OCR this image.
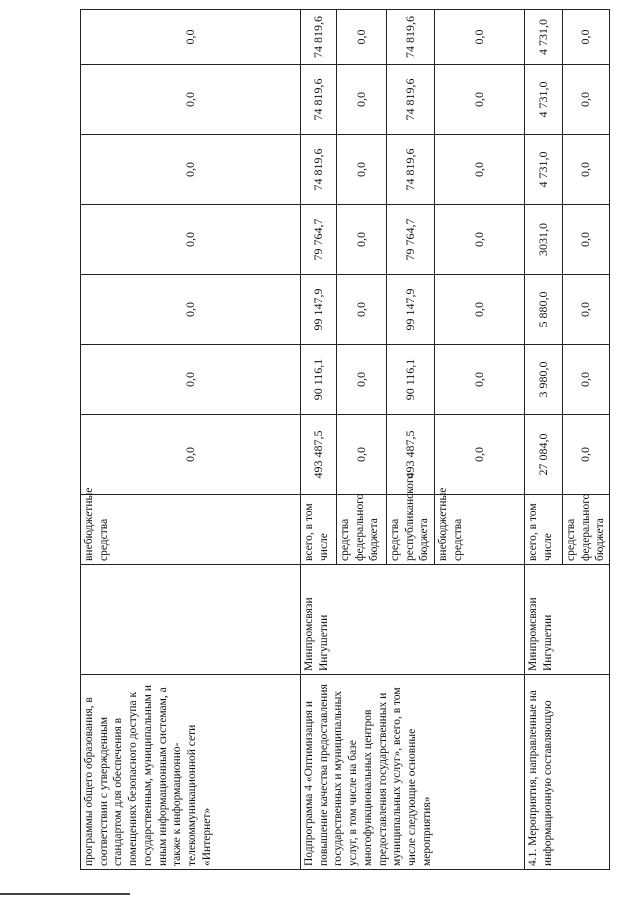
программы общего образования, в соответствии с утвержденным стандартом для обеспечения в помещениях безопасного доступа к государственным, муниципальным и иным информационным системам, а также к информационно-телекоммуникационной сети «Интернет»		внебюджетные средства	0,0	0,0	0,0	0,0	0,0	0,0	0,0
Подпрограмма 4 «Оптимизация и повышение качества предоставления государственных и муниципальных услуг, в том числе на базе многофункциональных центров предоставления государственных и муниципальных услуг», всего, в том числе следующие основные мероприятия»	Минпромсвязи Ингушетии	всего, в том числе	493 487,5	90 116,1	99 147,9	79 764,7	74 819,6	74 819,6	74 819,6
		средства федерального бюджета	0,0	0,0	0,0	0,0	0,0	0,0	0,0
		средства республиканского бюджета	493 487,5	90 116,1	99 147,9	79 764,7	74 819,6	74 819,6	74 819,6
		внебюджетные средства	0,0	0,0	0,0	0,0	0,0	0,0	0,0
4.1. Мероприятия, направленные на информационную составляющую	Минпромсвязи Ингушетии	всего, в том числе	27 084,0	3 980,0	5 880,0	3031,0	4 731,0	4 731,0	4 731,0
		средства федерального бюджета	0,0	0,0	0,0	0,0	0,0	0,0	0,0
